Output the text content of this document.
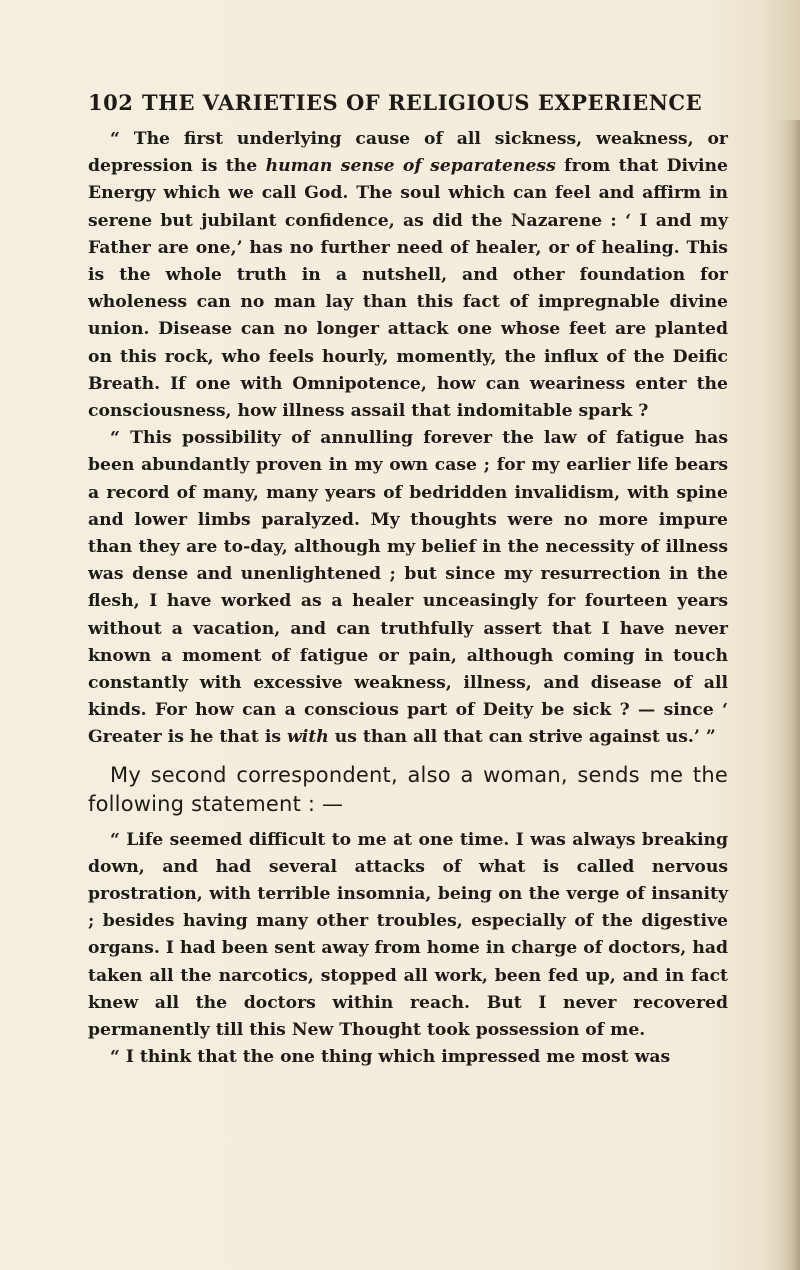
102 THE VARIETIES OF RELIGIOUS EXPERIENCE

“ The first underlying cause of all sickness, weakness, or depression is the human sense of separateness from that Divine Energy which we call God. The soul which can feel and affirm in serene but jubilant confidence, as did the Nazarene : ‘ I and my Father are one,’ has no further need of healer, or of healing. This is the whole truth in a nutshell, and other foundation for wholeness can no man lay than this fact of impregnable divine union. Disease can no longer attack one whose feet are planted on this rock, who feels hourly, momently, the influx of the Deific Breath. If one with Omnipotence, how can weariness enter the consciousness, how illness assail that indomitable spark ?

“ This possibility of annulling forever the law of fatigue has been abundantly proven in my own case ; for my earlier life bears a record of many, many years of bedridden invalidism, with spine and lower limbs paralyzed. My thoughts were no more impure than they are to-day, although my belief in the necessity of illness was dense and unenlightened ; but since my resurrection in the flesh, I have worked as a healer unceasingly for fourteen years without a vacation, and can truthfully assert that I have never known a moment of fatigue or pain, although coming in touch constantly with excessive weakness, illness, and disease of all kinds. For how can a conscious part of Deity be sick ? — since ‘ Greater is he that is with us than all that can strive against us.’ ”

My second correspondent, also a woman, sends me the following statement : —

“ Life seemed difficult to me at one time. I was always breaking down, and had several attacks of what is called nervous prostration, with terrible insomnia, being on the verge of insanity ; besides having many other troubles, especially of the digestive organs. I had been sent away from home in charge of doctors, had taken all the narcotics, stopped all work, been fed up, and in fact knew all the doctors within reach. But I never recovered permanently till this New Thought took possession of me.

“ I think that the one thing which impressed me most was
